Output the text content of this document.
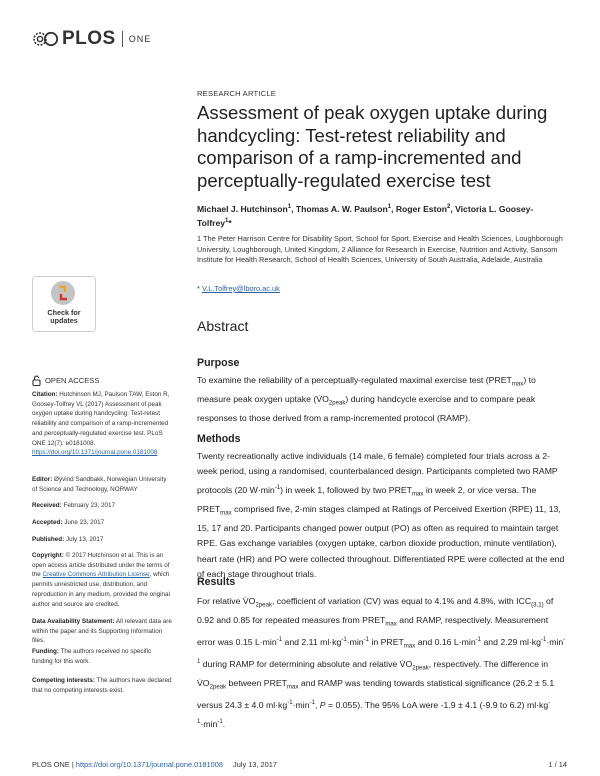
PLOS ONE
Check for
updates
OPEN ACCESS
Citation: Hutchinson MJ, Paulson TAW, Eston R, Goosey-Tolfrey VL (2017) Assessment of peak oxygen uptake during handcycling: Test-retest reliability and comparison of a ramp-incremented and perceptually-regulated exercise test. PLoS ONE 12(7): e0181008. https://doi.org/10.1371/journal.pone.0181008
Editor: Øyvind Sandbakk, Norwegian University of Science and Technology, NORWAY
Received: February 23, 2017
Accepted: June 23, 2017
Published: July 13, 2017
Copyright: © 2017 Hutchinson et al. This is an open access article distributed under the terms of the Creative Commons Attribution License, which permits unrestricted use, distribution, and reproduction in any medium, provided the original author and source are credited.
Data Availability Statement: All relevant data are within the paper and its Supporting Information files.
Funding: The authors received no specific funding for this work.
Competing interests: The authors have declared that no competing interests exist.
RESEARCH ARTICLE
Assessment of peak oxygen uptake during handcycling: Test-retest reliability and comparison of a ramp-incremented and perceptually-regulated exercise test
Michael J. Hutchinson$^1$, Thomas A. W. Paulson$^1$, Roger Eston$^2$, Victoria L. Goosey-Tolfrey$^1$*
1 The Peter Harrison Centre for Disability Sport, School for Sport, Exercise and Health Sciences, Loughborough University, Loughborough, United Kingdom, 2 Alliance for Research in Exercise, Nutrition and Activity, Sansom Institute for Health Research, School of Health Sciences, University of South Australia, Adelaide, Australia
* V.L.Tolfrey@lboro.ac.uk
Abstract
Purpose
To examine the reliability of a perceptually-regulated maximal exercise test $(PRET_{max})$ to measure peak oxygen uptake $(V̇O_{2peak})$ during handcycle exercise and to compare peak responses to those derived from a ramp-incremented protocol (RAMP).
Methods
Twenty recreationally active individuals (14 male, 6 female) completed four trials across a 2-week period, using a randomised, counterbalanced design. Participants completed two RAMP protocols (20 $W\cdot\min^{-1}$) in week 1, followed by two $PRET_{max}$ in week 2, or vice versa. The $PRET_{max}$ comprised five, 2-min stages clamped at Ratings of Perceived Exertion (RPE) 11, 13, 15, 17 and 20. Participants changed power output (PO) as often as required to maintain target RPE. Gas exchange variables (oxygen uptake, carbon dioxide production, minute ventilation), heart rate (HR) and PO were collected throughout. Differentiated RPE were collected at the end of each stage throughout trials.
Results
For relative $V̇O_{2peak}$, coefficient of variation (CV) was equal to 4.1% and 4.8%, with $ICC_{(3,1)}$ of 0.92 and 0.85 for repeated measures from $PRET_{max}$ and RAMP, respectively. Measurement error was 0.15 $L\cdot\min^{-1}$ and 2.11 $ml\cdot kg^{-1}\cdot\min^{-1}$ in $PRET_{max}$ and 0.16 $L\cdot\min^{-1}$ and 2.29 $ml\cdot kg^{-1}\cdot\min^{-1}$ during RAMP for determining absolute and relative $V̇O_{2peak}$, respectively. The difference in $V̇O_{2peak}$ between $PRET_{max}$ and RAMP was tending towards statistical significance (26.2 ± 5.1 versus 24.3 ± 4.0 $ml\cdot kg^{-1}\cdot\min^{-1}$, P = 0.055). The 95% LoA were -1.9 ± 4.1 (-9.9 to 6.2) $ml\cdot kg^{-1}\cdot\min^{-1}$.
PLOS ONE | https://doi.org/10.1371/journal.pone.0181008 July 13, 2017	1 / 14
